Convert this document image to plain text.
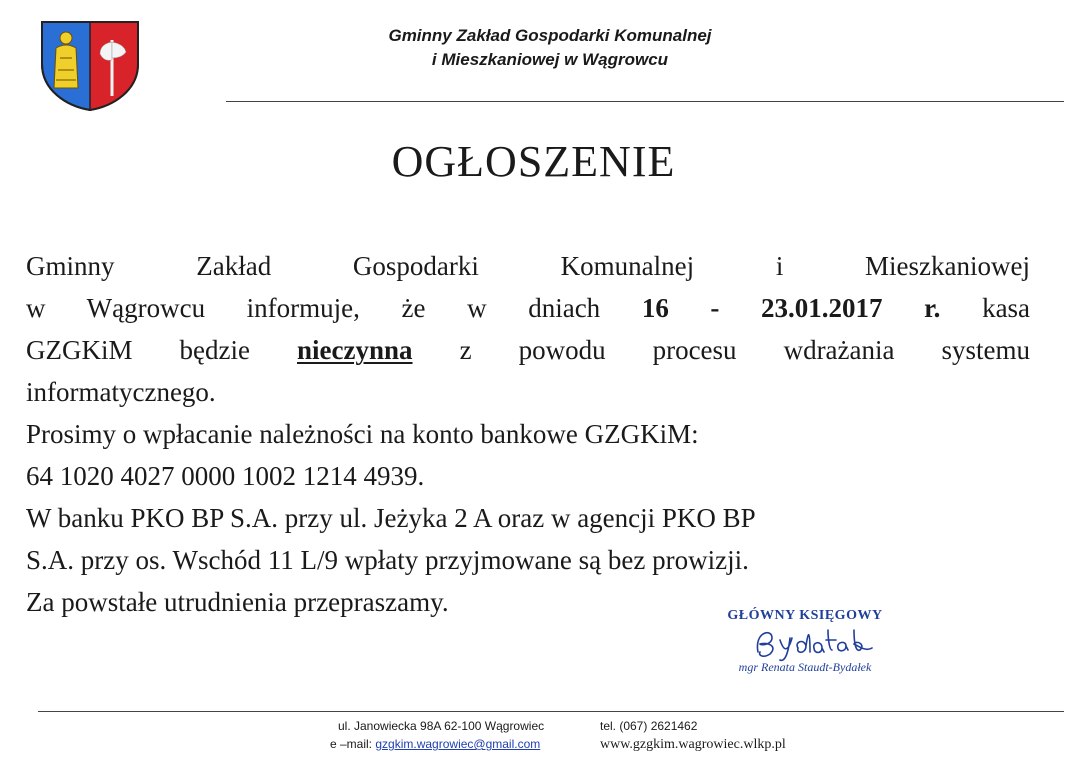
Gminny Zakład Gospodarki Komunalnej
i Mieszkaniowej w Wągrowcu
OGŁOSZENIE
Gminny Zakład Gospodarki Komunalnej i Mieszkaniowej
w Wągrowcu informuje, że w dniach 16 - 23.01.2017 r. kasa
GZGKiM będzie nieczynna z powodu procesu wdrażania systemu
informatycznego.
Prosimy o wpłacanie należności na konto bankowe GZGKiM:
64 1020 4027 0000 1002 1214 4939.
W banku PKO BP S.A. przy ul. Jeżyka 2 A oraz w agencji PKO BP
S.A. przy os. Wschód 11 L/9 wpłaty przyjmowane są bez prowizji.
Za powstałe utrudnienia przepraszamy.	GŁÓWNY KSIĘGOWY
mgr Renata Staudt-Bydałek
ul. Janowiecka 98A 62-100 Wągrowiec	tel. (067) 2621462
e –mail: gzgkim.wagrowiec@gmail.com	www.gzgkim.wagrowiec.wlkp.pl
